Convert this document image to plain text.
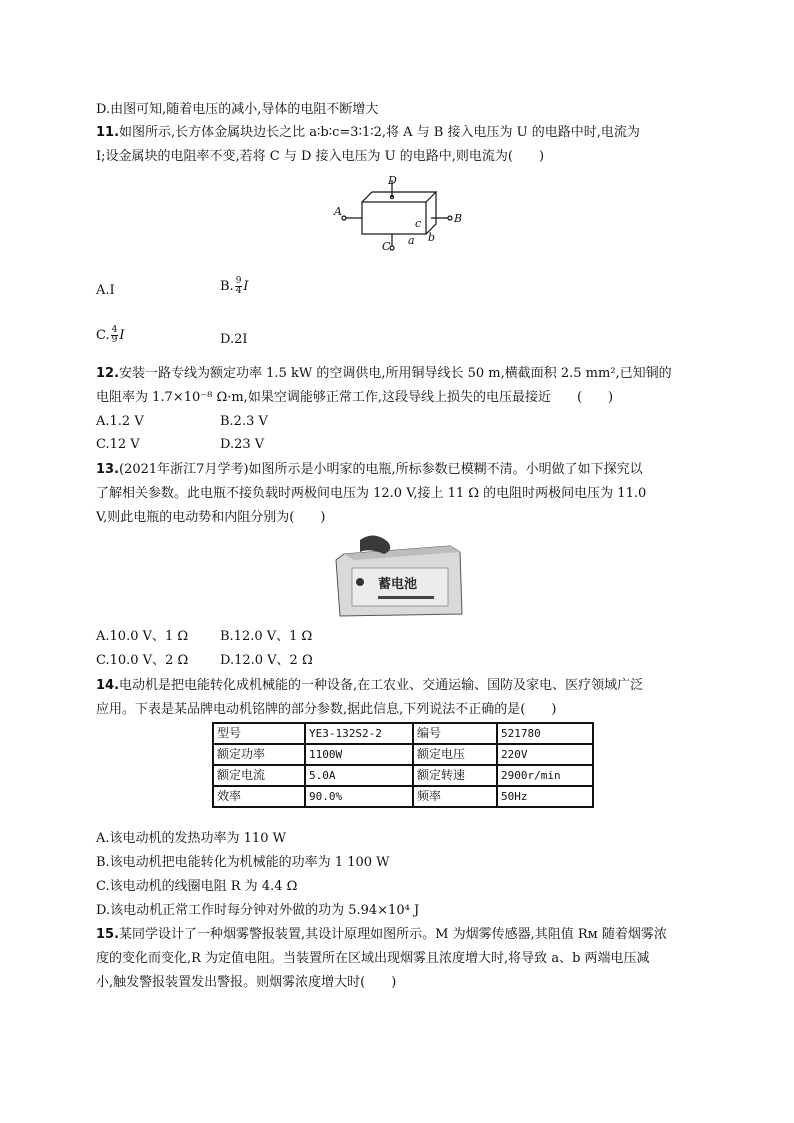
D.由图可知,随着电压的减小,导体的电阻不断增大
11.如图所示,长方体金属块边长之比 a∶b∶c=3∶1∶2,将 A 与 B 接入电压为 U 的电路中时,电流为
I;设金属块的电阻率不变,若将 C 与 D 接入电压为 U 的电路中,则电流为(　　)
A
B
C
D
a b
c
A.I	B. $\frac{9}{4}$ I
C. $\frac{4}{9}$ I	D.2I
12.安装一路专线为额定功率 1.5 kW 的空调供电,所用铜导线长 50 m,横截面积 2.5 mm²,已知铜的
电阻率为 1.7×10⁻⁸ Ω·m,如果空调能够正常工作,这段导线上损失的电压最接近　　(　　)
A.1.2 V	B.2.3 V
C.12 V	D.23 V
13.(2021年浙江7月学考)如图所示是小明家的电瓶,所标参数已模糊不清。小明做了如下探究以
了解相关参数。此电瓶不接负载时两极间电压为 12.0 V,接上 11 Ω 的电阻时两极间电压为 11.0
V,则此电瓶的电动势和内阻分别为(　　)
蓄电池
A.10.0 V、1 Ω B.12.0 V、1 Ω
C.10.0 V、2 Ω D.12.0 V、2 Ω
14.电动机是把电能转化成机械能的一种设备,在工农业、交通运输、国防及家电、医疗领域广泛
应用。下表是某品牌电动机铭牌的部分参数,据此信息,下列说法不正确的是(　　)
型号	YE3-132S2-2	编号	521780
额定功率	1100W	额定电压	220V
额定电流	5.0A	额定转速	2900r/min
效率	90.0%	频率	50Hz
A.该电动机的发热功率为 110 W
B.该电动机把电能转化为机械能的功率为 1 100 W
C.该电动机的线圈电阻 R 为 4.4 Ω
D.该电动机正常工作时每分钟对外做的功为 5.94×10⁴ J
15.某同学设计了一种烟雾警报装置,其设计原理如图所示。M 为烟雾传感器,其阻值 Rм 随着烟雾浓
度的变化而变化,R 为定值电阻。当装置所在区域出现烟雾且浓度增大时,将导致 a、b 两端电压减
小,触发警报装置发出警报。则烟雾浓度增大时(　　)
